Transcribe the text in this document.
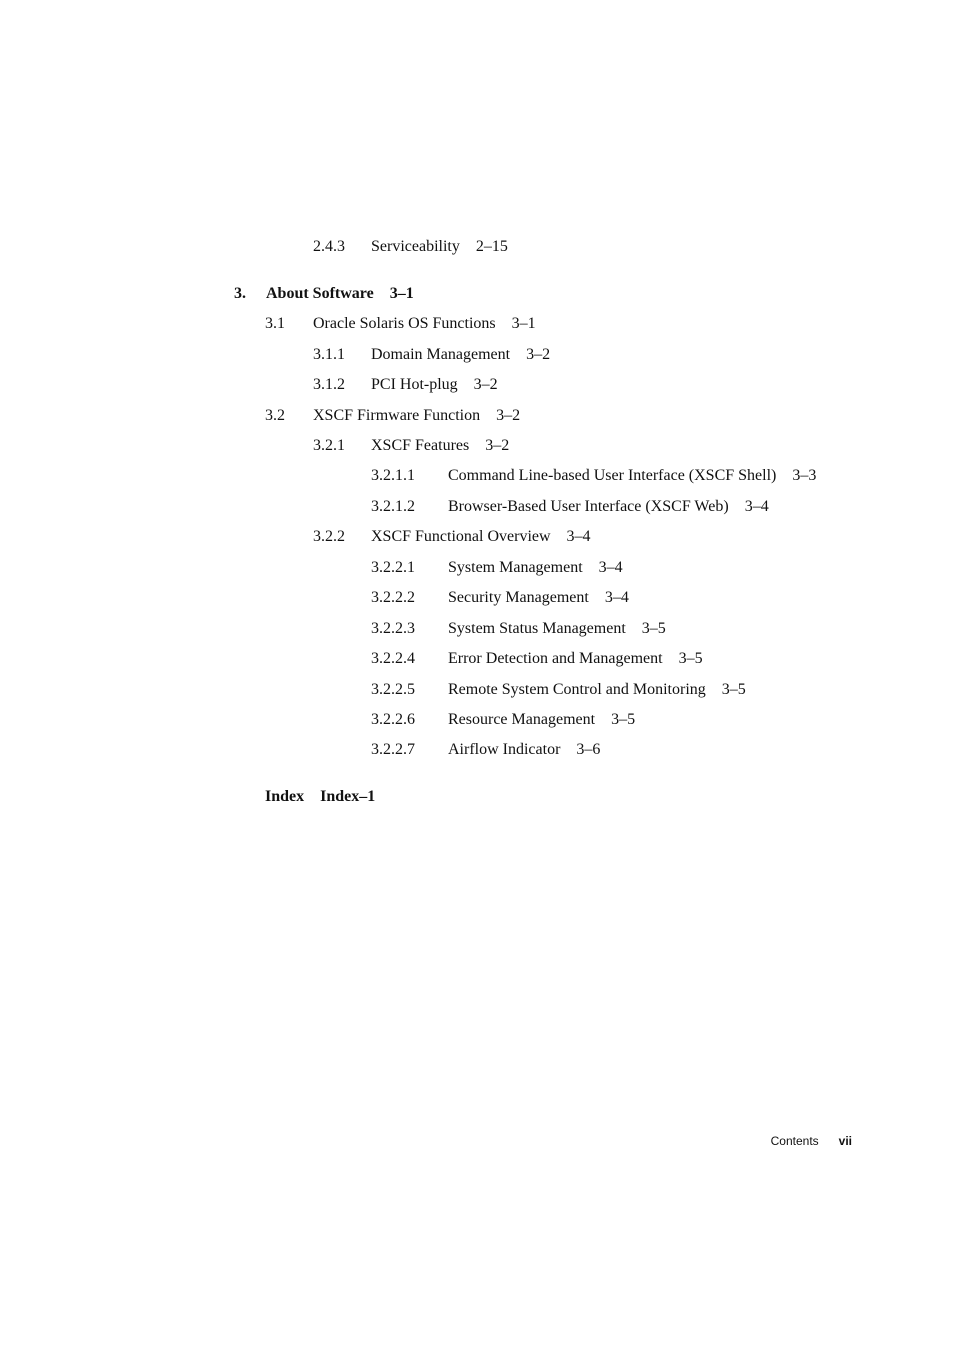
2.4.3 Serviceability 2–15
3. About Software 3–1
3.1 Oracle Solaris OS Functions 3–1
3.1.1 Domain Management 3–2
3.1.2 PCI Hot-plug 3–2
3.2 XSCF Firmware Function 3–2
3.2.1 XSCF Features 3–2
3.2.1.1 Command Line-based User Interface (XSCF Shell) 3–3
3.2.1.2 Browser-Based User Interface (XSCF Web) 3–4
3.2.2 XSCF Functional Overview 3–4
3.2.2.1 System Management 3–4
3.2.2.2 Security Management 3–4
3.2.2.3 System Status Management 3–5
3.2.2.4 Error Detection and Management 3–5
3.2.2.5 Remote System Control and Monitoring 3–5
3.2.2.6 Resource Management 3–5
3.2.2.7 Airflow Indicator 3–6
Index Index–1
Contents vii
